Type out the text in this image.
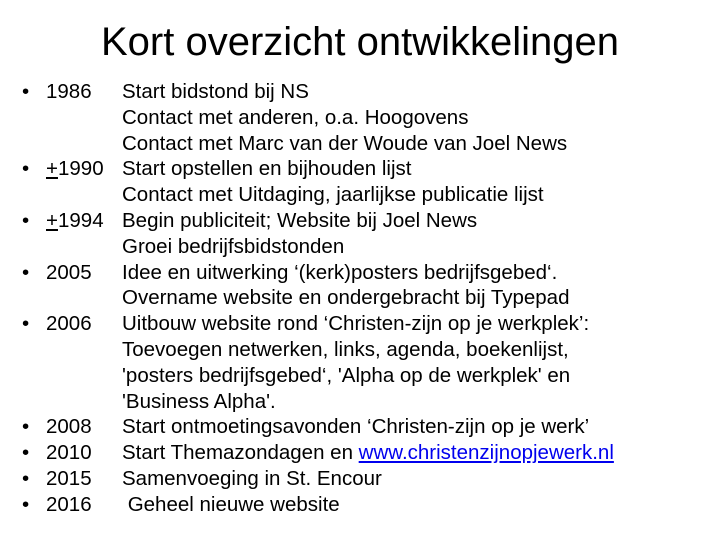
Kort overzicht ontwikkelingen
• 1986 Start bidstond bij NS
Contact met anderen, o.a. Hoogovens
Contact met Marc van der Woude van Joel News
• +1990 Start opstellen en bijhouden lijst
Contact met Uitdaging, jaarlijkse publicatie lijst
• +1994 Begin publiciteit; Website bij Joel News
Groei bedrijfsbidstonden
• 2005 Idee en uitwerking ‘(kerk)posters bedrijfsgebed‘.
Overname website en ondergebracht bij Typepad
• 2006 Uitbouw website rond ‘Christen-zijn op je werkplek’:
Toevoegen netwerken, links, agenda, boekenlijst,
'posters bedrijfsgebed‘, 'Alpha op de werkplek' en
'Business Alpha'.
• 2008 Start ontmoetingsavonden ‘Christen-zijn op je werk’
• 2010 Start Themazondagen en www.christenzijnopjewerk.nl
• 2015 Samenvoeging in St. Encour
• 2016 Geheel nieuwe website
